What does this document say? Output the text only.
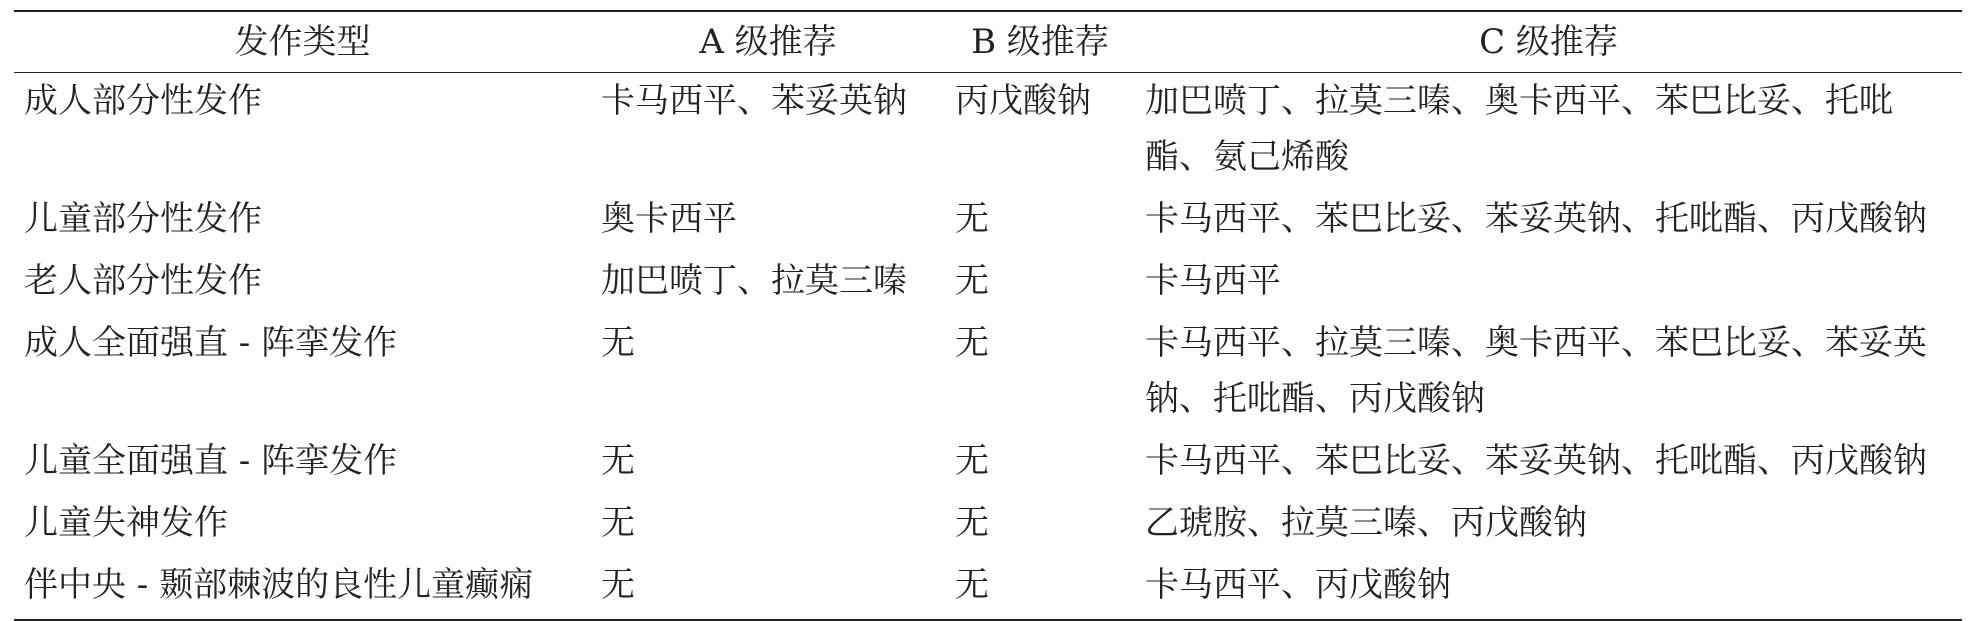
发作类型	A 级推荐	B 级推荐	C 级推荐
成人部分性发作	卡马西平、苯妥英钠	丙戊酸钠	加巴喷丁、拉莫三嗪、奥卡西平、苯巴比妥、托吡酯、氨己烯酸
儿童部分性发作	奥卡西平	无	卡马西平、苯巴比妥、苯妥英钠、托吡酯、丙戊酸钠
老人部分性发作	加巴喷丁、拉莫三嗪	无	卡马西平
成人全面强直 - 阵挛发作	无	无	卡马西平、拉莫三嗪、奥卡西平、苯巴比妥、苯妥英钠、托吡酯、丙戊酸钠
儿童全面强直 - 阵挛发作	无	无	卡马西平、苯巴比妥、苯妥英钠、托吡酯、丙戊酸钠
儿童失神发作	无	无	乙琥胺、拉莫三嗪、丙戊酸钠
伴中央 - 颞部棘波的良性儿童癫痫	无	无	卡马西平、丙戊酸钠
